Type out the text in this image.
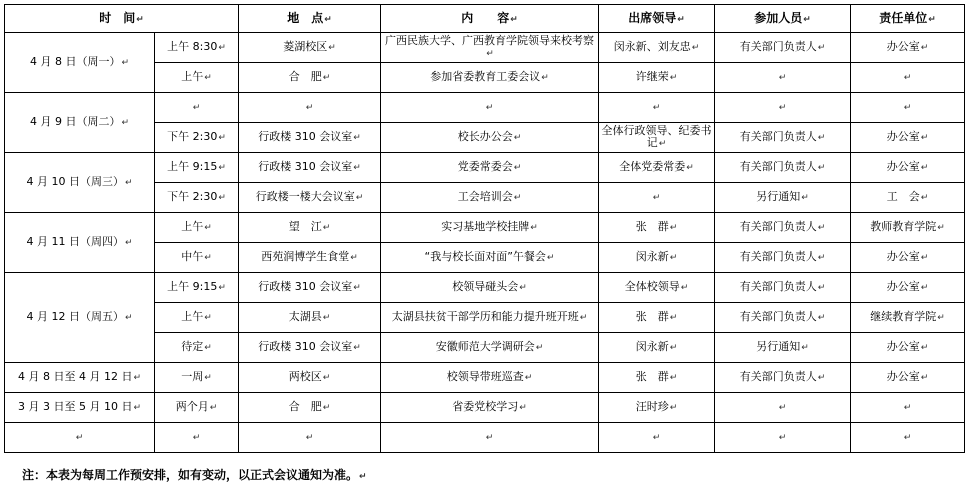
时　间↵		地　点↵	内　　容↵	出席领导↵	参加人员↵	责任单位↵
4 月 8 日（周一）↵	上午 8:30↵	菱湖校区↵	广西民族大学、广西教育学院领导来校考察↵	闵永新、刘友忠↵	有关部门负责人↵	办公室↵
	上午↵	合　肥↵	参加省委教育工委会议↵	许继荣↵	↵	↵
4 月 9 日（周二）↵	↵	↵	↵	↵	↵	↵
	下午 2:30↵	行政楼 310 会议室↵	校长办公会↵	全体行政领导、纪委书记↵	有关部门负责人↵	办公室↵
4 月 10 日（周三）↵	上午 9:15↵	行政楼 310 会议室↵	党委常委会↵	全体党委常委↵	有关部门负责人↵	办公室↵
	下午 2:30↵	行政楼一楼大会议室↵	工会培训会↵	↵	另行通知↵	工　会↵
4 月 11 日（周四）↵	上午↵	望　江↵	实习基地学校挂牌↵	张　群↵	有关部门负责人↵	教师教育学院↵
	中午↵	西苑润博学生食堂↵	“我与校长面对面”午餐会↵	闵永新↵	有关部门负责人↵	办公室↵
4 月 12 日（周五）↵	上午 9:15↵	行政楼 310 会议室↵	校领导碰头会↵	全体校领导↵	有关部门负责人↵	办公室↵
	上午↵	太湖县↵	太湖县扶贫干部学历和能力提升班开班↵	张　群↵	有关部门负责人↵	继续教育学院↵
	待定↵	行政楼 310 会议室↵	安徽师范大学调研会↵	闵永新↵	另行通知↵	办公室↵
4 月 8 日至 4 月 12 日↵	一周↵	两校区↵	校领导带班巡查↵	张　群↵	有关部门负责人↵	办公室↵
3 月 3 日至 5 月 10 日↵	两个月↵	合　肥↵	省委党校学习↵	汪时珍↵	↵	↵
↵	↵	↵	↵	↵	↵	↵
注：本表为每周工作预安排，如有变动，以正式会议通知为准。↵
